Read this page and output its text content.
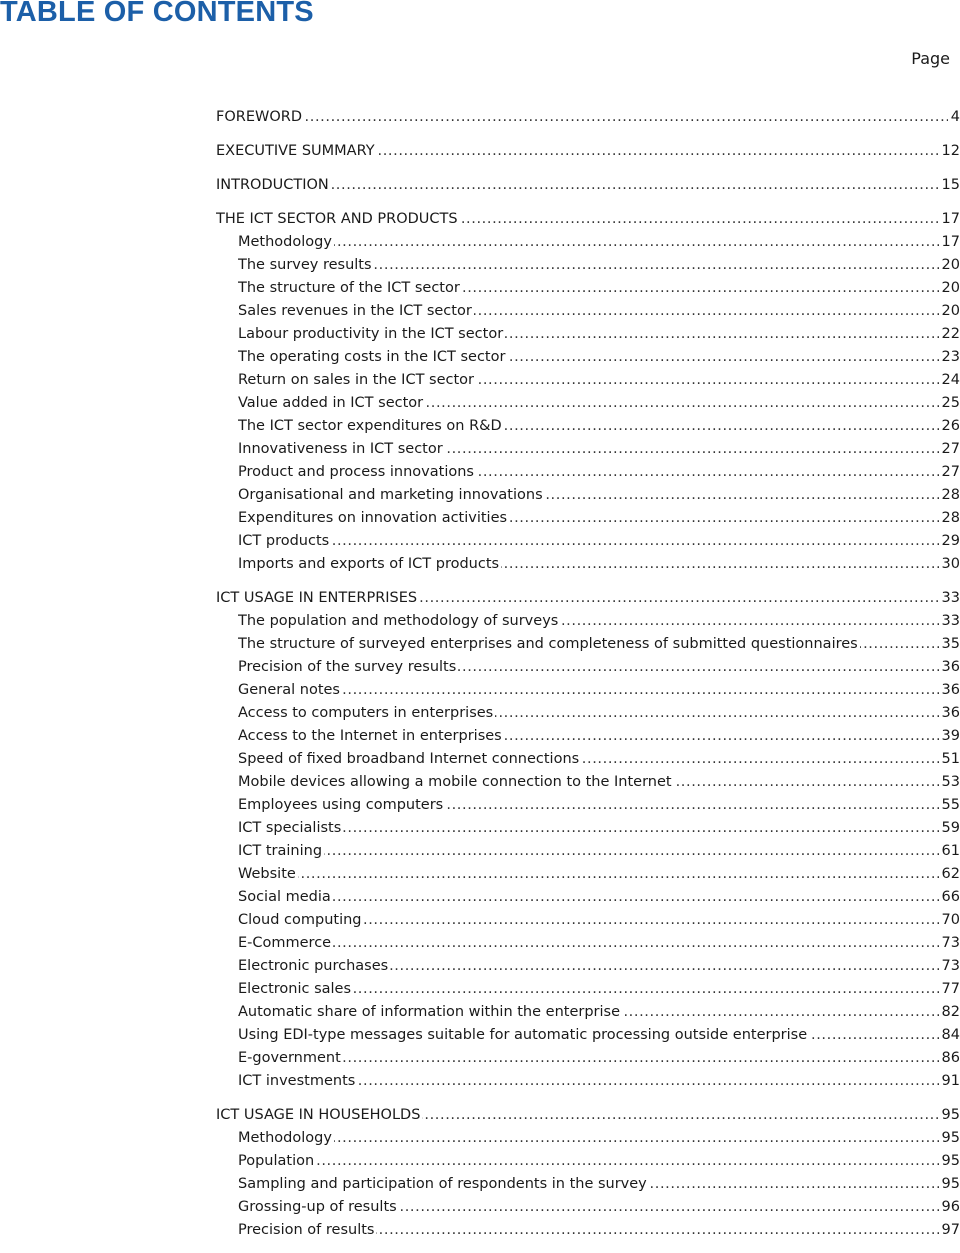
TABLE OF CONTENTS
Page
FOREWORD	4
.....
EXECUTIVE SUMMARY	12
.....
INTRODUCTION	15
.....
THE ICT SECTOR AND PRODUCTS	17
.....
Methodology	17
.....
The survey results	20
.....
The structure of the ICT sector	20
.....
Sales revenues in the ICT sector	20
.....
Labour productivity in the ICT sector	22
.....
The operating costs in the ICT sector	23
.....
Return on sales in the ICT sector	24
.....
Value added in ICT sector	25
.....
The ICT sector expenditures on R&D	26
.....
Innovativeness in ICT sector	27
.....
Product and process innovations	27
.....
Organisational and marketing innovations	28
.....
Expenditures on innovation activities	28
.....
ICT products	29
.....
Imports and exports of ICT products	30
.....
ICT USAGE IN ENTERPRISES	33
.....
The population and methodology of surveys	33
.....
The structure of surveyed enterprises and completeness of submitted questionnaires	35
.....
Precision of the survey results	36
.....
General notes	36
.....
Access to computers in enterprises	36
.....
Access to the Internet in enterprises	39
.....
Speed of fixed broadband Internet connections	51
.....
Mobile devices allowing a mobile connection to the Internet	53
.....
Employees using computers	55
.....
ICT specialists	59
.....
ICT training	61
.....
Website	62
.....
Social media	66
.....
Cloud computing	70
.....
E-Commerce	73
.....
Electronic purchases	73
.....
Electronic sales	77
.....
Automatic share of information within the enterprise	82
.....
Using EDI-type messages suitable for automatic processing outside enterprise	84
.....
E-government	86
.....
ICT investments	91
.....
ICT USAGE IN HOUSEHOLDS	95
.....
Methodology	95
.....
Population	95
.....
Sampling and participation of respondents in the survey	95
.....
Grossing-up of results	96
.....
Precision of results	97
.....
